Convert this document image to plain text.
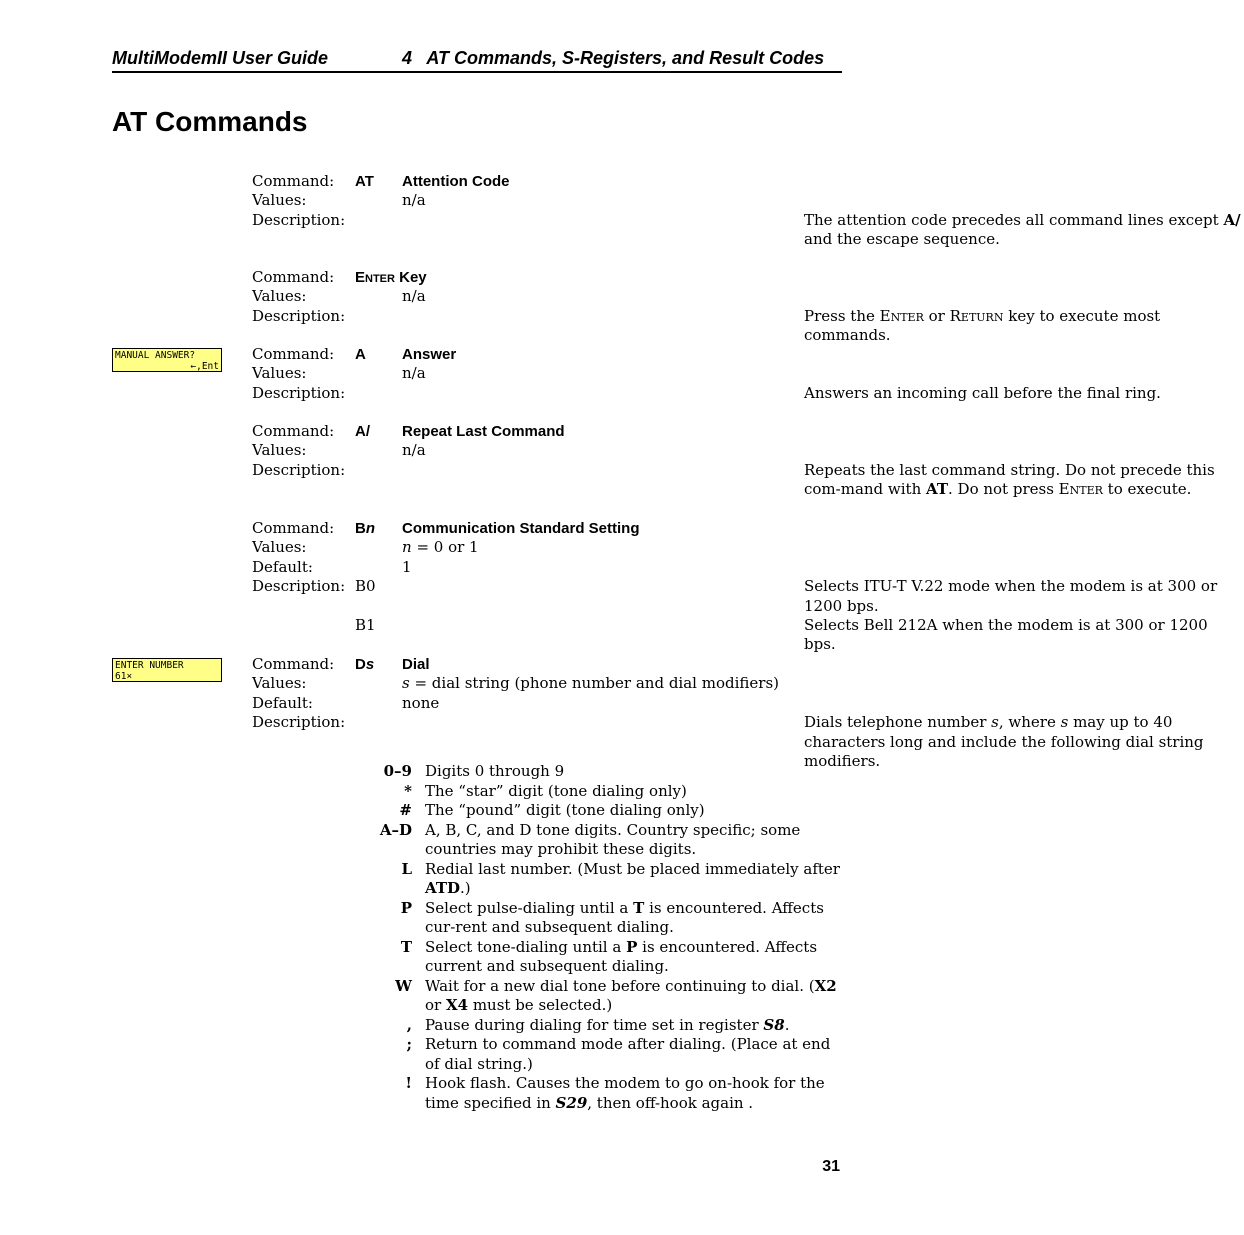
MultiModemII User Guide	4   AT Commands, S-Registers, and Result Codes
AT Commands
Command: AT Attention Code
Values:	n/a
Description:	The attention code precedes all command lines except A/ and the escape sequence.
Command: Enter Key
Values:	n/a
Description:	Press the Enter or Return key to execute most commands.
MANUAL ANSWER?
←,Ent
Command: A Answer
Values:	n/a
Description:	Answers an incoming call before the final ring.
Command: A/ Repeat Last Command
Values:	n/a
Description:	Repeats the last command string. Do not precede this com-mand with AT. Do not press Enter to execute.
Command: Bn Communication Standard Setting
Values:	n = 0 or 1
Default:	1
Description: B0	Selects ITU-T V.22 mode when the modem is at 300 or 1200 bps.
B1	Selects Bell 212A when the modem is at 300 or 1200 bps.
ENTER NUMBER
61×
Command: Ds Dial
Values:	s = dial string (phone number and dial modifiers)
Default:	none
Description:	Dials telephone number s, where s may up to 40 characters long and include the following dial string modifiers.
0–9 Digits 0 through 9
* The “star” digit (tone dialing only)
# The “pound” digit (tone dialing only)
A–D A, B, C, and D tone digits. Country specific; some countries may prohibit these digits.
L Redial last number. (Must be placed immediately after ATD.)
P Select pulse-dialing until a T is encountered. Affects cur-rent and subsequent dialing.
T Select tone-dialing until a P is encountered. Affects current and subsequent dialing.
W Wait for a new dial tone before continuing to dial. (X2 or X4 must be selected.)
, Pause during dialing for time set in register S8.
; Return to command mode after dialing. (Place at end of dial string.)
! Hook flash. Causes the modem to go on-hook for the time specified in S29, then off-hook again .
31
